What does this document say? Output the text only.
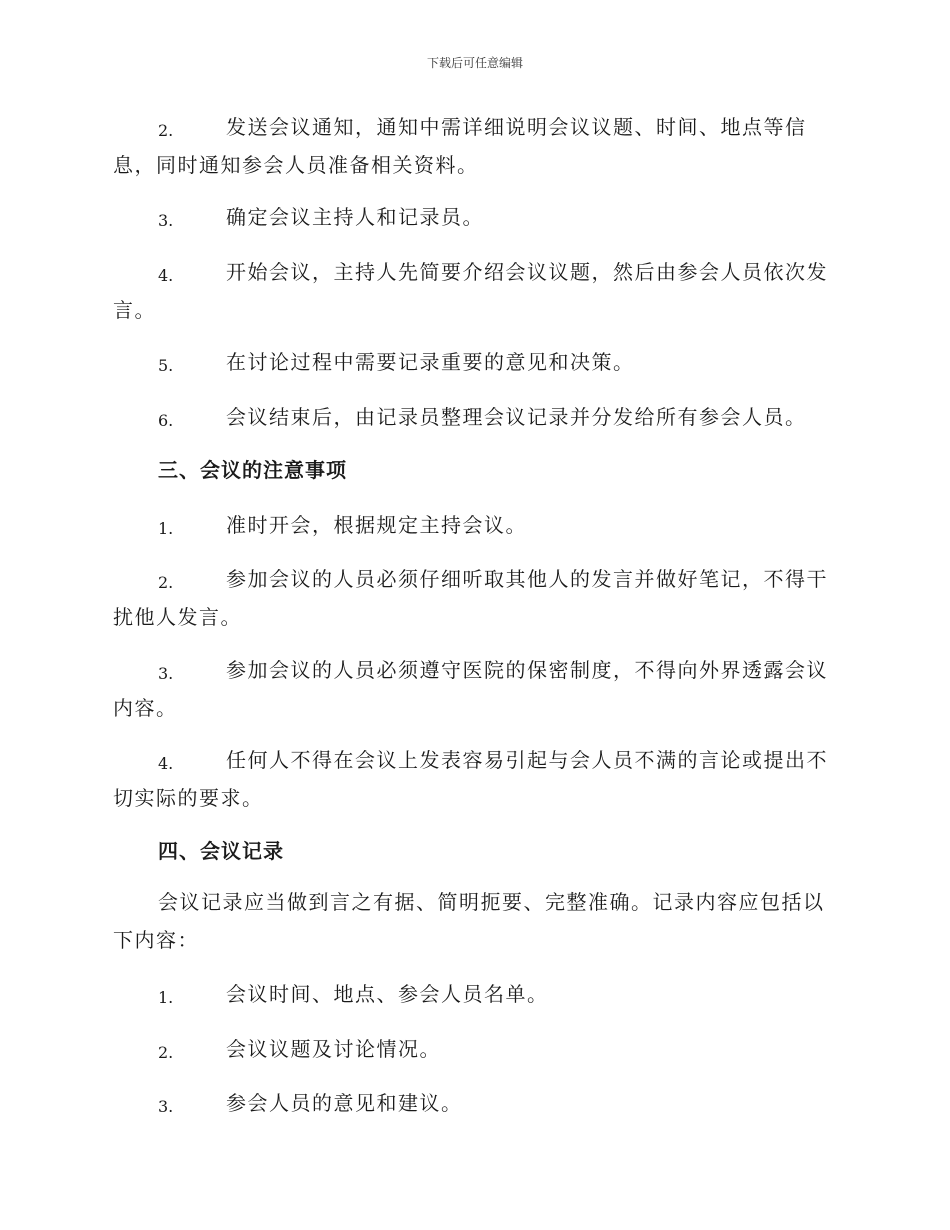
下载后可任意编辑
2.	发送会议通知，通知中需详细说明会议议题、时间、地点等信
息，同时通知参会人员准备相关资料。
3.	确定会议主持人和记录员。
4.	开始会议，主持人先简要介绍会议议题，然后由参会人员依次发
言。
5.	在讨论过程中需要记录重要的意见和决策。
6.	会议结束后，由记录员整理会议记录并分发给所有参会人员。
三、会议的注意事项
1.	准时开会，根据规定主持会议。
2.	参加会议的人员必须仔细听取其他人的发言并做好笔记，不得干
扰他人发言。
3.	参加会议的人员必须遵守医院的保密制度，不得向外界透露会议
内容。
4.	任何人不得在会议上发表容易引起与会人员不满的言论或提出不
切实际的要求。
四、会议记录
会议记录应当做到言之有据、简明扼要、完整准确。记录内容应包括以
下内容：
1.	会议时间、地点、参会人员名单。
2.	会议议题及讨论情况。
3.	参会人员的意见和建议。
